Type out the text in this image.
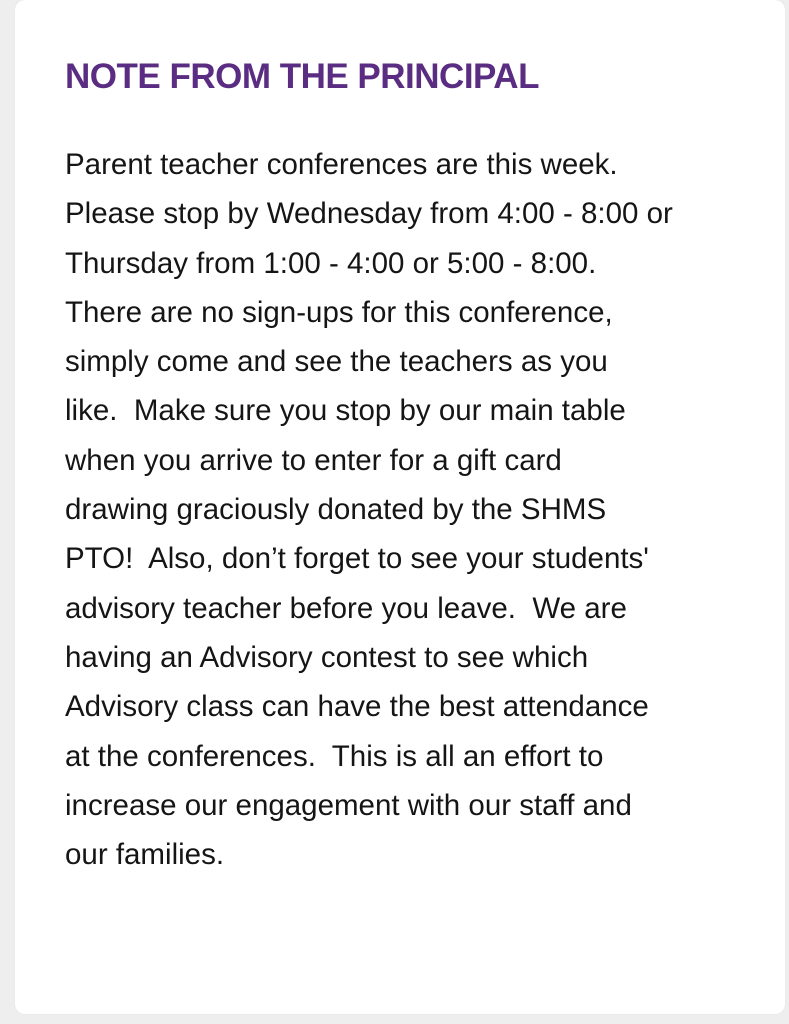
NOTE FROM THE PRINCIPAL
Parent teacher conferences are this week.
Please stop by Wednesday from 4:00 - 8:00 or
Thursday from 1:00 - 4:00 or 5:00 - 8:00.
There are no sign-ups for this conference,
simply come and see the teachers as you
like.  Make sure you stop by our main table
when you arrive to enter for a gift card
drawing graciously donated by the SHMS
PTO!  Also, don’t forget to see your students'
advisory teacher before you leave.  We are
having an Advisory contest to see which
Advisory class can have the best attendance
at the conferences.  This is all an effort to
increase our engagement with our staff and
our families.
